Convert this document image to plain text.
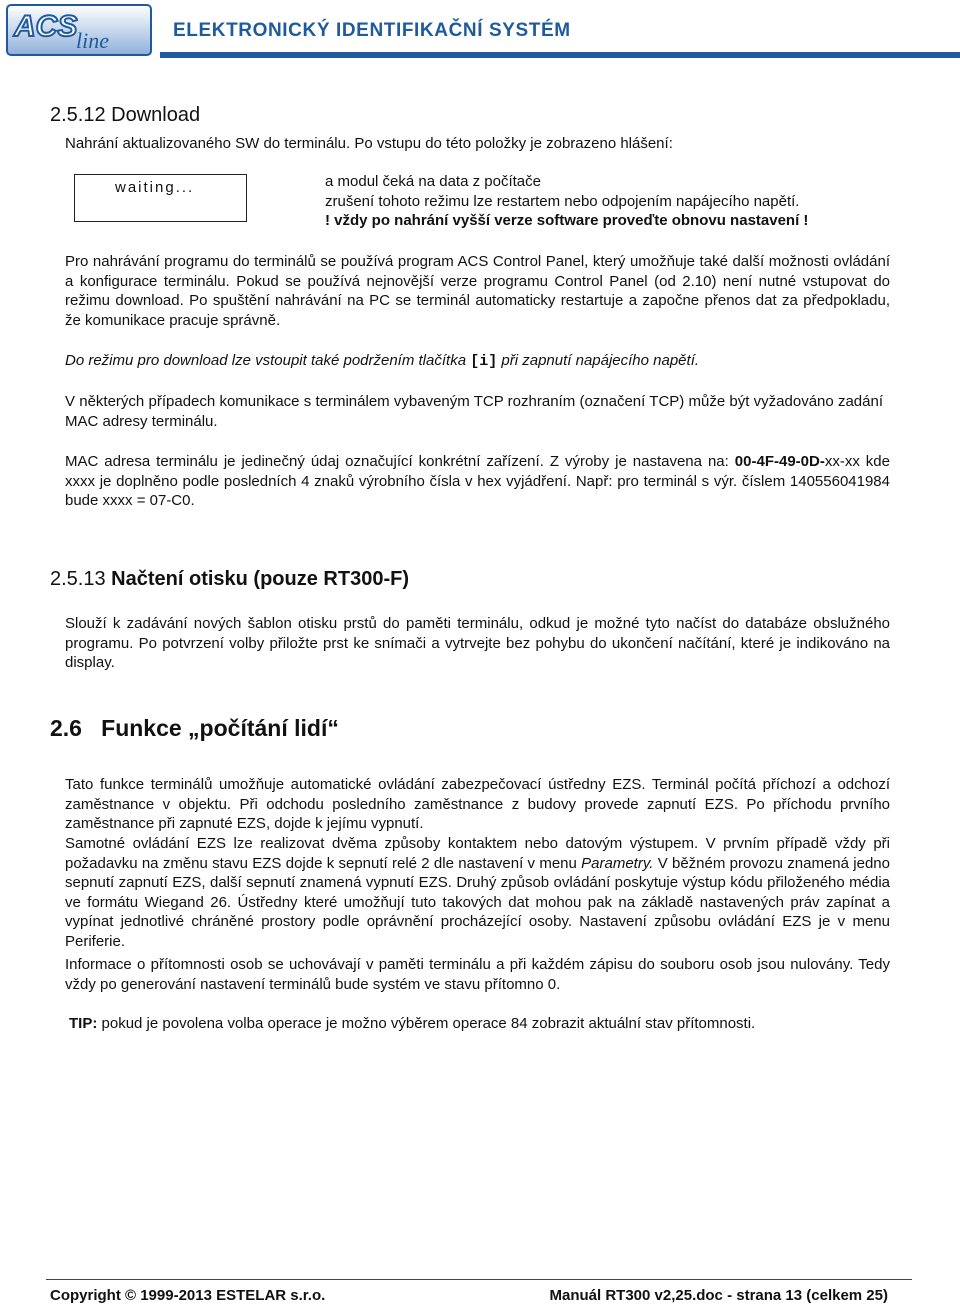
ACS
line	ELEKTRONICKÝ IDENTIFIKAČNÍ SYSTÉM
2.5.12 Download
Nahrání aktualizovaného SW do terminálu. Po vstupu do této položky je zobrazeno hlášení:
waiting...	a modul čeká na data z počítače
zrušení tohoto režimu lze restartem nebo odpojením napájecího napětí.
! vždy po nahrání vyšší verze software proveďte obnovu nastavení !
Pro nahrávání programu do terminálů se používá program ACS Control Panel, který umožňuje také další možnosti ovládání a konfigurace terminálu. Pokud se používá nejnovější verze programu Control Panel (od 2.10) není nutné vstupovat do režimu download. Po spuštění nahrávání na PC se terminál automaticky restartuje a započne přenos dat za předpokladu, že komunikace pracuje správně.
Do režimu pro download lze vstoupit také podržením tlačítka [i] při zapnutí napájecího napětí.
V některých případech komunikace s terminálem vybaveným TCP rozhraním (označení TCP) může být vyžadováno zadání MAC adresy terminálu.
MAC adresa terminálu je jedinečný údaj označující konkrétní zařízení. Z výroby je nastavena na: 00-4F-49-0D-xx-xx kde xxxx je doplněno podle posledních 4 znaků výrobního čísla v hex vyjádření. Např: pro terminál s výr. číslem 140556041984 bude xxxx = 07-C0.
2.5.13 Načtení otisku (pouze RT300-F)
Slouží k zadávání nových šablon otisku prstů do paměti terminálu, odkud je možné tyto načíst do databáze obslužného programu. Po potvrzení volby přiložte prst ke snímači a vytrvejte bez pohybu do ukončení načítání, které je indikováno na display.
2.6   Funkce „počítání lidí“
Tato funkce terminálů umožňuje automatické ovládání zabezpečovací ústředny EZS. Terminál počítá příchozí a odchozí zaměstnance v objektu. Při odchodu posledního zaměstnance z budovy provede zapnutí EZS. Po příchodu prvního zaměstnance při zapnuté EZS, dojde k jejímu vypnutí.
Samotné ovládání EZS lze realizovat dvěma způsoby kontaktem nebo datovým výstupem. V prvním případě vždy při požadavku na změnu stavu EZS dojde k sepnutí relé 2 dle nastavení v menu Parametry. V běžném provozu znamená jedno sepnutí zapnutí EZS, další sepnutí znamená vypnutí EZS. Druhý způsob ovládání poskytuje výstup kódu přiloženého média ve formátu Wiegand 26. Ústředny které umožňují tuto takových dat mohou pak na základě nastavených práv zapínat a vypínat jednotlivé chráněné prostory podle oprávnění procházející osoby. Nastavení způsobu ovládání EZS je v menu Periferie.
Informace o přítomnosti osob se uchovávají v paměti terminálu a při každém zápisu do souboru osob jsou nulovány. Tedy vždy po generování nastavení terminálů bude systém ve stavu přítomno 0.
TIP: pokud je povolena volba operace je možno výběrem operace 84 zobrazit aktuální stav přítomnosti.
Copyright © 1999-2013 ESTELAR s.r.o.	Manuál RT300 v2,25.doc - strana 13 (celkem 25)
